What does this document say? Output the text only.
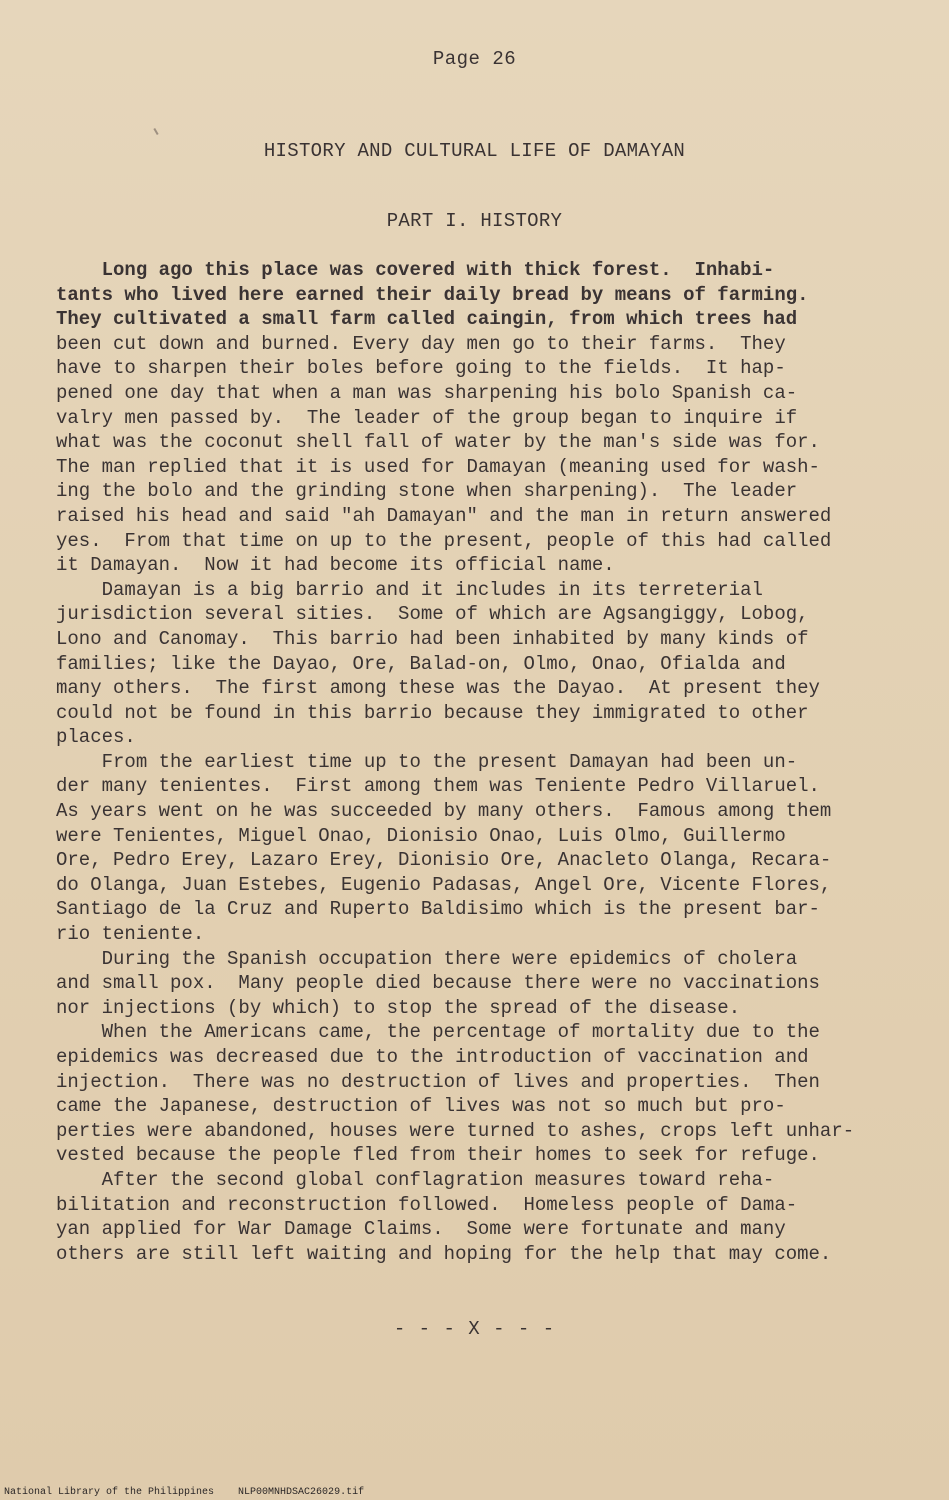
Page 26
HISTORY AND CULTURAL LIFE OF DAMAYAN
PART I. HISTORY
Long ago this place was covered with thick forest.  Inhabi-
tants who lived here earned their daily bread by means of farming.
They cultivated a small farm called caingin, from which trees had
been cut down and burned. Every day men go to their farms.  They
have to sharpen their boles before going to the fields.  It hap-
pened one day that when a man was sharpening his bolo Spanish ca-
valry men passed by.  The leader of the group began to inquire if
what was the coconut shell fall of water by the man's side was for.
The man replied that it is used for Damayan (meaning used for wash-
ing the bolo and the grinding stone when sharpening).  The leader
raised his head and said "ah Damayan" and the man in return answered
yes.  From that time on up to the present, people of this had called
it Damayan.  Now it had become its official name.
Damayan is a big barrio and it includes in its terreterial
jurisdiction several sities.  Some of which are Agsangiggy, Lobog,
Lono and Canomay.  This barrio had been inhabited by many kinds of
families; like the Dayao, Ore, Balad-on, Olmo, Onao, Ofialda and
many others.  The first among these was the Dayao.  At present they
could not be found in this barrio because they immigrated to other
places.
From the earliest time up to the present Damayan had been un-
der many tenientes.  First among them was Teniente Pedro Villaruel.
As years went on he was succeeded by many others.  Famous among them
were Tenientes, Miguel Onao, Dionisio Onao, Luis Olmo, Guillermo
Ore, Pedro Erey, Lazaro Erey, Dionisio Ore, Anacleto Olanga, Recara-
do Olanga, Juan Estebes, Eugenio Padasas, Angel Ore, Vicente Flores,
Santiago de la Cruz and Ruperto Baldisimo which is the present bar-
rio teniente.
During the Spanish occupation there were epidemics of cholera
and small pox.  Many people died because there were no vaccinations
nor injections (by which) to stop the spread of the disease.
When the Americans came, the percentage of mortality due to the
epidemics was decreased due to the introduction of vaccination and
injection.  There was no destruction of lives and properties.  Then
came the Japanese, destruction of lives was not so much but pro-
perties were abandoned, houses were turned to ashes, crops left unhar-
vested because the people fled from their homes to seek for refuge.
After the second global conflagration measures toward reha-
bilitation and reconstruction followed.  Homeless people of Dama-
yan applied for War Damage Claims.  Some were fortunate and many
others are still left waiting and hoping for the help that may come.
- - - X - - -
National Library of the Philippines NLP00MNHDSAC26029.tif
